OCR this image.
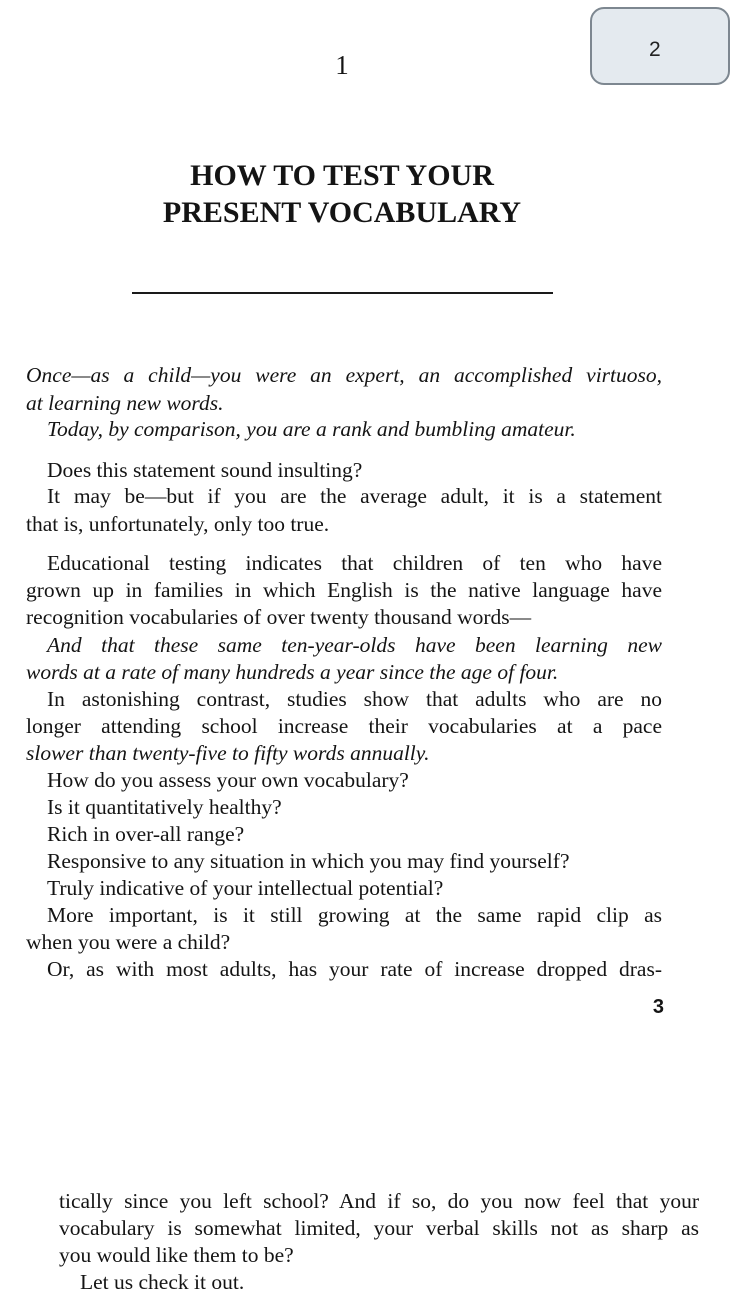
2
1
HOW TO TEST YOUR
PRESENT VOCABULARY
Once—as a child—you were an expert, an accomplished virtuoso,
at learning new words.
Today, by comparison, you are a rank and bumbling amateur.
Does this statement sound insulting?
It may be—but if you are the average adult, it is a statement
that is, unfortunately, only too true.
Educational testing indicates that children of ten who have
grown up in families in which English is the native language have
recognition vocabularies of over twenty thousand words—
And that these same ten-year-olds have been learning new
words at a rate of many hundreds a year since the age of four.
In astonishing contrast, studies show that adults who are no
longer attending school increase their vocabularies at a pace
slower than twenty-five to fifty words annually.
How do you assess your own vocabulary?
Is it quantitatively healthy?
Rich in over-all range?
Responsive to any situation in which you may find yourself?
Truly indicative of your intellectual potential?
More important, is it still growing at the same rapid clip as
when you were a child?
Or, as with most adults, has your rate of increase dropped dras-
3
tically since you left school? And if so, do you now feel that your
vocabulary is somewhat limited, your verbal skills not as sharp as
you would like them to be?
Let us check it out.
